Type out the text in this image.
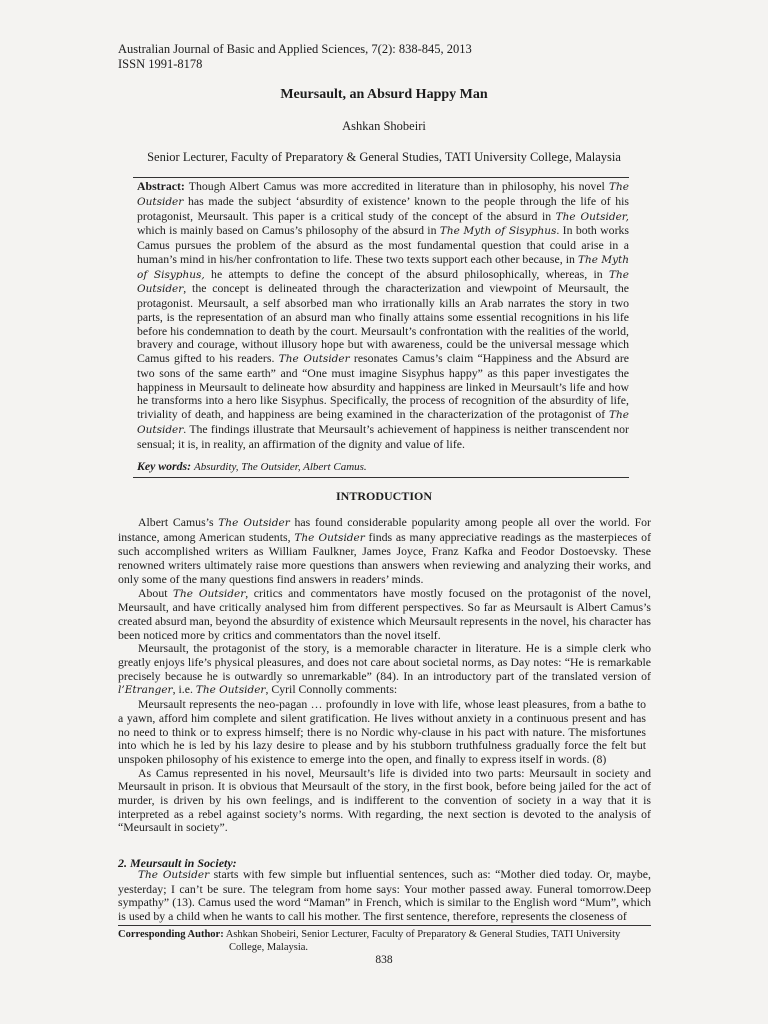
Australian Journal of Basic and Applied Sciences, 7(2): 838-845, 2013
ISSN 1991-8178
Meursault, an Absurd Happy Man
Ashkan Shobeiri
Senior Lecturer, Faculty of Preparatory & General Studies, TATI University College, Malaysia
Abstract: Though Albert Camus was more accredited in literature than in philosophy, his novel The Outsider has made the subject ‘absurdity of existence’ known to the people through the life of his protagonist, Meursault. This paper is a critical study of the concept of the absurd in The Outsider, which is mainly based on Camus’s philosophy of the absurd in The Myth of Sisyphus. In both works Camus pursues the problem of the absurd as the most fundamental question that could arise in a human’s mind in his/her confrontation to life. These two texts support each other because, in The Myth of Sisyphus, he attempts to define the concept of the absurd philosophically, whereas, in The Outsider, the concept is delineated through the characterization and viewpoint of Meursault, the protagonist. Meursault, a self absorbed man who irrationally kills an Arab narrates the story in two parts, is the representation of an absurd man who finally attains some essential recognitions in his life before his condemnation to death by the court. Meursault’s confrontation with the realities of the world, bravery and courage, without illusory hope but with awareness, could be the universal message which Camus gifted to his readers. The Outsider resonates Camus’s claim “Happiness and the Absurd are two sons of the same earth” and “One must imagine Sisyphus happy” as this paper investigates the happiness in Meursault to delineate how absurdity and happiness are linked in Meursault’s life and how he transforms into a hero like Sisyphus. Specifically, the process of recognition of the absurdity of life, triviality of death, and happiness are being examined in the characterization of the protagonist of The Outsider. The findings illustrate that Meursault’s achievement of happiness is neither transcendent nor sensual; it is, in reality, an affirmation of the dignity and value of life.
Key words: Absurdity, The Outsider, Albert Camus.
INTRODUCTION

Albert Camus’s The Outsider has found considerable popularity among people all over the world. For instance, among American students, The Outsider finds as many appreciative readings as the masterpieces of such accomplished writers as William Faulkner, James Joyce, Franz Kafka and Feodor Dostoevsky. These renowned writers ultimately raise more questions than answers when reviewing and analyzing their works, and only some of the many questions find answers in readers’ minds.

About The Outsider, critics and commentators have mostly focused on the protagonist of the novel, Meursault, and have critically analysed him from different perspectives. So far as Meursault is Albert Camus’s created absurd man, beyond the absurdity of existence which Meursault represents in the novel, his character has been noticed more by critics and commentators than the novel itself.

Meursault, the protagonist of the story, is a memorable character in literature. He is a simple clerk who greatly enjoys life’s physical pleasures, and does not care about societal norms, as Day notes: “He is remarkable precisely because he is outwardly so unremarkable” (84). In an introductory part of the translated version of l’Etranger, i.e. The Outsider, Cyril Connolly comments:

Meursault represents the neo-pagan … profoundly in love with life, whose least pleasures, from a bathe to a yawn, afford him complete and silent gratification. He lives without anxiety in a continuous present and has no need to think or to express himself; there is no Nordic why-clause in his pact with nature. The misfortunes into which he is led by his lazy desire to please and by his stubborn truthfulness gradually force the felt but unspoken philosophy of his existence to emerge into the open, and finally to express itself in words. (8)

As Camus represented in his novel, Meursault’s life is divided into two parts: Meursault in society and Meursault in prison. It is obvious that Meursault of the story, in the first book, before being jailed for the act of murder, is driven by his own feelings, and is indifferent to the convention of society in a way that it is interpreted as a rebel against society’s norms. With regarding, the next section is devoted to the analysis of “Meursault in society”.

2. Meursault in Society:

The Outsider starts with few simple but influential sentences, such as: “Mother died today. Or, maybe, yesterday; I can’t be sure. The telegram from home says: Your mother passed away. Funeral tomorrow.Deep sympathy” (13). Camus used the word “Maman” in French, which is similar to the English word “Mum”, which is used by a child when he wants to call his mother. The first sentence, therefore, represents the closeness of

Corresponding Author: Ashkan Shobeiri, Senior Lecturer, Faculty of Preparatory & General Studies, TATI University
College, Malaysia.
838
